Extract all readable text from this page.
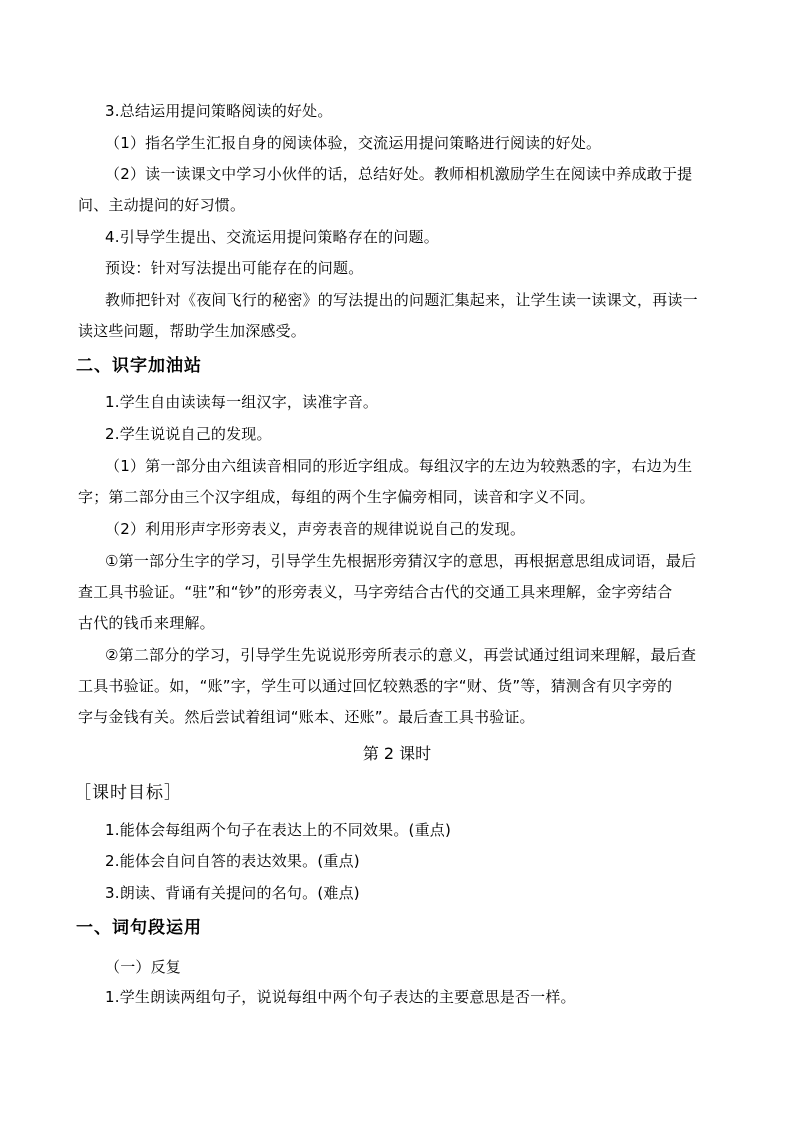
3.总结运用提问策略阅读的好处。
（1）指名学生汇报自身的阅读体验，交流运用提问策略进行阅读的好处。
（2）读一读课文中学习小伙伴的话，总结好处。教师相机激励学生在阅读中养成敢于提
问、主动提问的好习惯。
4.引导学生提出、交流运用提问策略存在的问题。
预设：针对写法提出可能存在的问题。
教师把针对《夜间飞行的秘密》的写法提出的问题汇集起来，让学生读一读课文，再读一
读这些问题，帮助学生加深感受。
二、识字加油站
1.学生自由读读每一组汉字，读准字音。
2.学生说说自己的发现。
（1）第一部分由六组读音相同的形近字组成。每组汉字的左边为较熟悉的字，右边为生
字；第二部分由三个汉字组成，每组的两个生字偏旁相同，读音和字义不同。
（2）利用形声字形旁表义，声旁表音的规律说说自己的发现。
①第一部分生字的学习，引导学生先根据形旁猜汉字的意思，再根据意思组成词语，最后
查工具书验证。“驻”和“钞”的形旁表义，马字旁结合古代的交通工具来理解，金字旁结合
古代的钱币来理解。
②第二部分的学习，引导学生先说说形旁所表示的意义，再尝试通过组词来理解，最后查
工具书验证。如，“账”字，学生可以通过回忆较熟悉的字“财、货”等，猜测含有贝字旁的
字与金钱有关。然后尝试着组词“账本、还账”。最后查工具书验证。
第 2 课时
［课时目标］
1.能体会每组两个句子在表达上的不同效果。(重点)
2.能体会自问自答的表达效果。(重点)
3.朗读、背诵有关提问的名句。(难点)
一、词句段运用
（一）反复
1.学生朗读两组句子，说说每组中两个句子表达的主要意思是否一样。
